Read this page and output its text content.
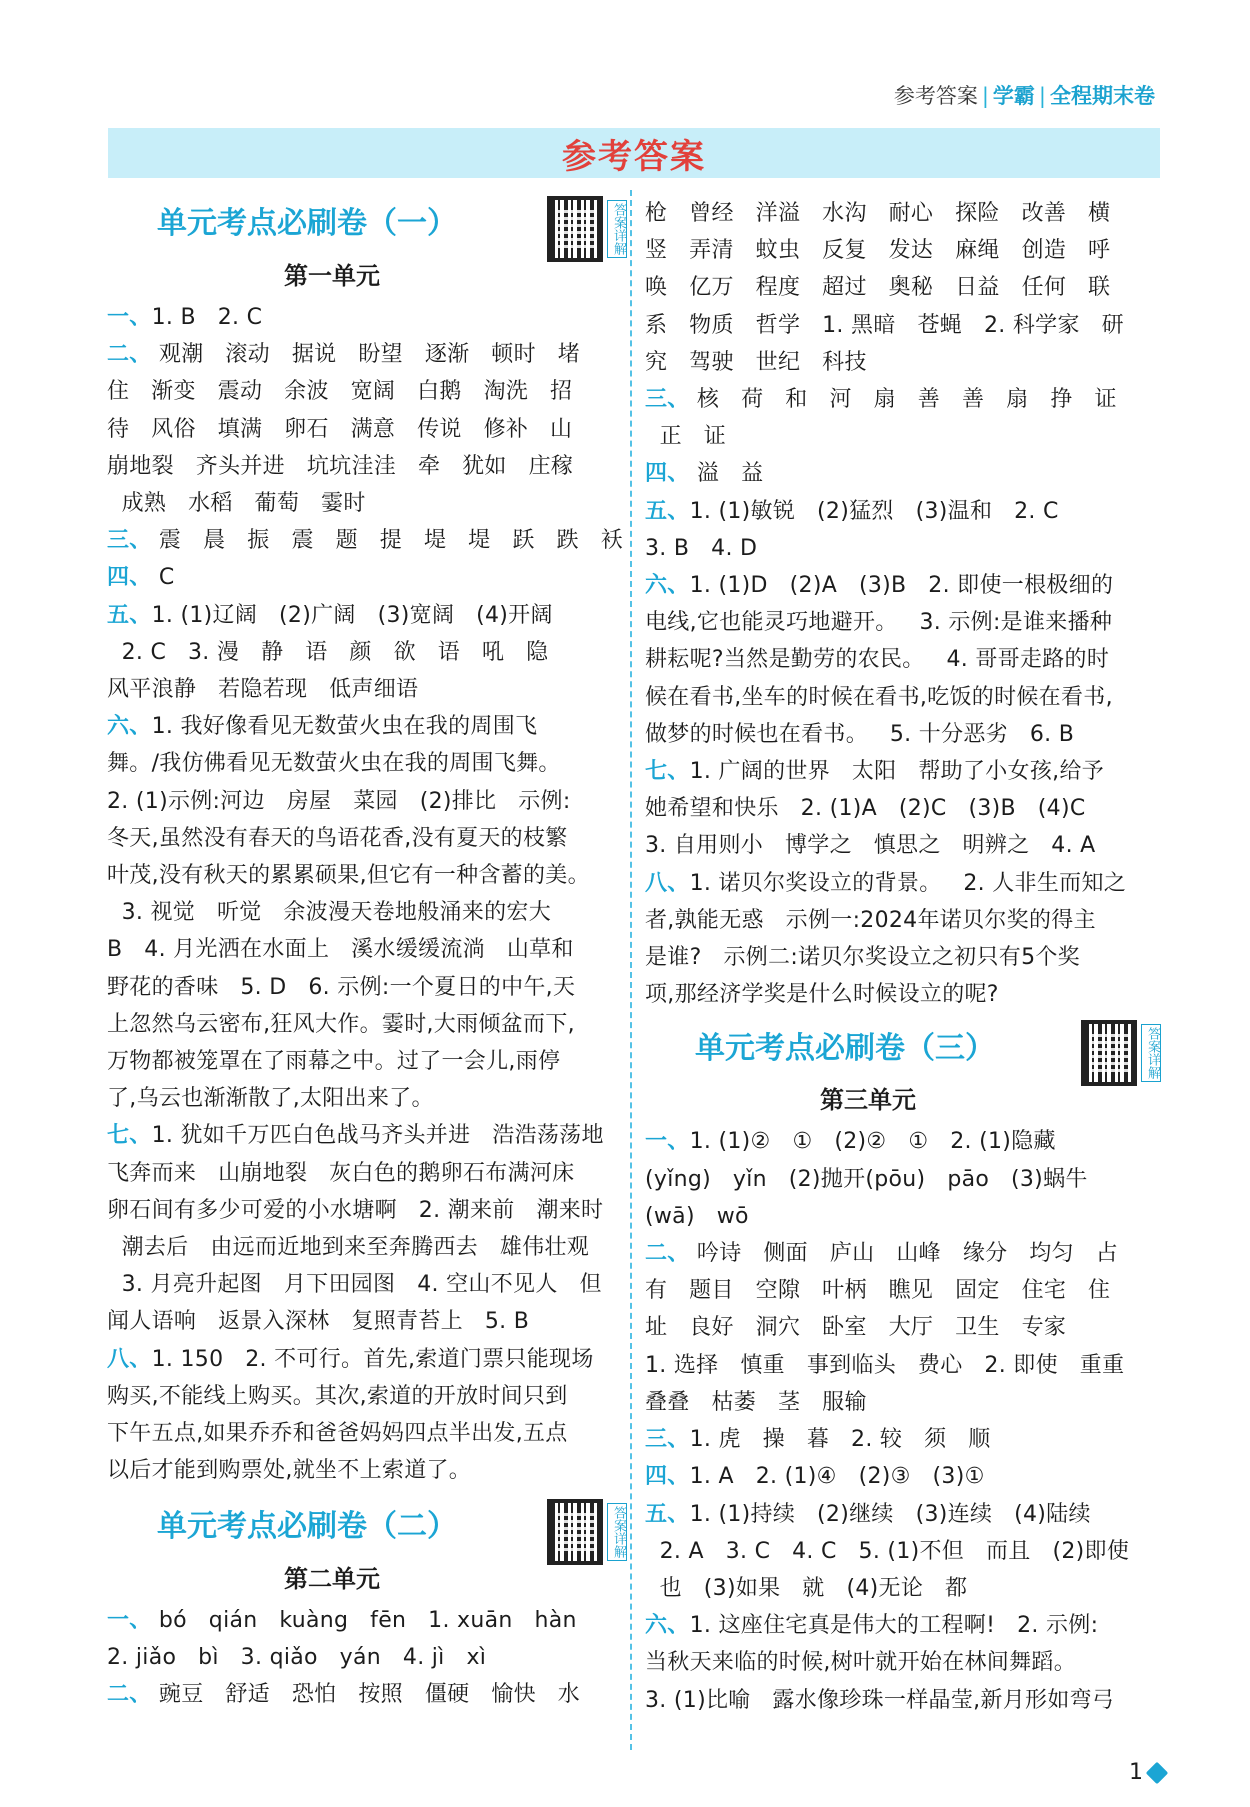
参考答案 | 学霸 | 全程期末卷
参考答案
单元考点必刷卷（一）	答案详解
第一单元
一、1. B   2. C
二、 观潮   滚动   据说   盼望   逐渐   顿时   堵
住   渐变   震动   余波   宽阔   白鹅   淘洗   招
待   风俗   填满   卵石   满意   传说   修补   山
崩地裂   齐头并进   坑坑洼洼   牵   犹如   庄稼
成熟   水稻   葡萄   霎时
三、 震   晨   振   震   题   提   堤   堤   跃   跌   袄
四、 C
五、1. (1)辽阔   (2)广阔   (3)宽阔   (4)开阔
2. C   3. 漫   静   语   颜   欲   语   吼   隐
风平浪静   若隐若现   低声细语
六、1. 我好像看见无数萤火虫在我的周围飞
舞。/我仿佛看见无数萤火虫在我的周围飞舞。
2. (1)示例:河边   房屋   菜园   (2)排比   示例:
冬天,虽然没有春天的鸟语花香,没有夏天的枝繁
叶茂,没有秋天的累累硕果,但它有一种含蓄的美。
3. 视觉   听觉   余波漫天卷地般涌来的宏大
B   4. 月光洒在水面上   溪水缓缓流淌   山草和
野花的香味   5. D   6. 示例:一个夏日的中午,天
上忽然乌云密布,狂风大作。霎时,大雨倾盆而下,
万物都被笼罩在了雨幕之中。过了一会儿,雨停
了,乌云也渐渐散了,太阳出来了。
七、1. 犹如千万匹白色战马齐头并进   浩浩荡荡地
飞奔而来   山崩地裂   灰白色的鹅卵石布满河床
卵石间有多少可爱的小水塘啊   2. 潮来前   潮来时
潮去后   由远而近地到来至奔腾西去   雄伟壮观
3. 月亮升起图   月下田园图   4. 空山不见人   但
闻人语响   返景入深林   复照青苔上   5. B
八、1. 150   2. 不可行。首先,索道门票只能现场
购买,不能线上购买。其次,索道的开放时间只到
下午五点,如果乔乔和爸爸妈妈四点半出发,五点
以后才能到购票处,就坐不上索道了。
单元考点必刷卷（二）	答案详解
第二单元
一、 bó   qián   kuàng   fēn   1. xuān   hàn
2. jiǎo   bì   3. qiǎo   yán   4. jì   xì
二、 豌豆   舒适   恐怕   按照   僵硬   愉快   水
枪   曾经   洋溢   水沟   耐心   探险   改善   横
竖   弄清   蚊虫   反复   发达   麻绳   创造   呼
唤   亿万   程度   超过   奥秘   日益   任何   联
系   物质   哲学   1. 黑暗   苍蝇   2. 科学家   研
究   驾驶   世纪   科技
三、 核   荷   和   河   扇   善   善   扇   挣   证
正   证
四、 溢   益
五、1. (1)敏锐   (2)猛烈   (3)温和   2. C
3. B   4. D
六、1. (1)D   (2)A   (3)B   2. 即使一根极细的
电线,它也能灵巧地避开。   3. 示例:是谁来播种
耕耘呢?当然是勤劳的农民。   4. 哥哥走路的时
候在看书,坐车的时候在看书,吃饭的时候在看书,
做梦的时候也在看书。   5. 十分恶劣   6. B
七、1. 广阔的世界   太阳   帮助了小女孩,给予
她希望和快乐   2. (1)A   (2)C   (3)B   (4)C
3. 自用则小   博学之   慎思之   明辨之   4. A
八、1. 诺贝尔奖设立的背景。   2. 人非生而知之
者,孰能无惑   示例一:2024年诺贝尔奖的得主
是谁?   示例二:诺贝尔奖设立之初只有5个奖
项,那经济学奖是什么时候设立的呢?
单元考点必刷卷（三）	答案详解
第三单元
一、1. (1)②   ①   (2)②   ①   2. (1)隐藏
(yǐng)   yǐn   (2)抛开(pōu)   pāo   (3)蜗牛
(wā)   wō
二、 吟诗   侧面   庐山   山峰   缘分   均匀   占
有   题目   空隙   叶柄   瞧见   固定   住宅   住
址   良好   洞穴   卧室   大厅   卫生   专家
1. 选择   慎重   事到临头   费心   2. 即使   重重
叠叠   枯萎   茎   服输
三、1. 虎   操   暮   2. 较   须   顺
四、1. A   2. (1)④   (2)③   (3)①
五、1. (1)持续   (2)继续   (3)连续   (4)陆续
2. A   3. C   4. C   5. (1)不但   而且   (2)即使
也   (3)如果   就   (4)无论   都
六、1. 这座住宅真是伟大的工程啊!   2. 示例:
当秋天来临的时候,树叶就开始在林间舞蹈。
3. (1)比喻   露水像珍珠一样晶莹,新月形如弯弓
1
